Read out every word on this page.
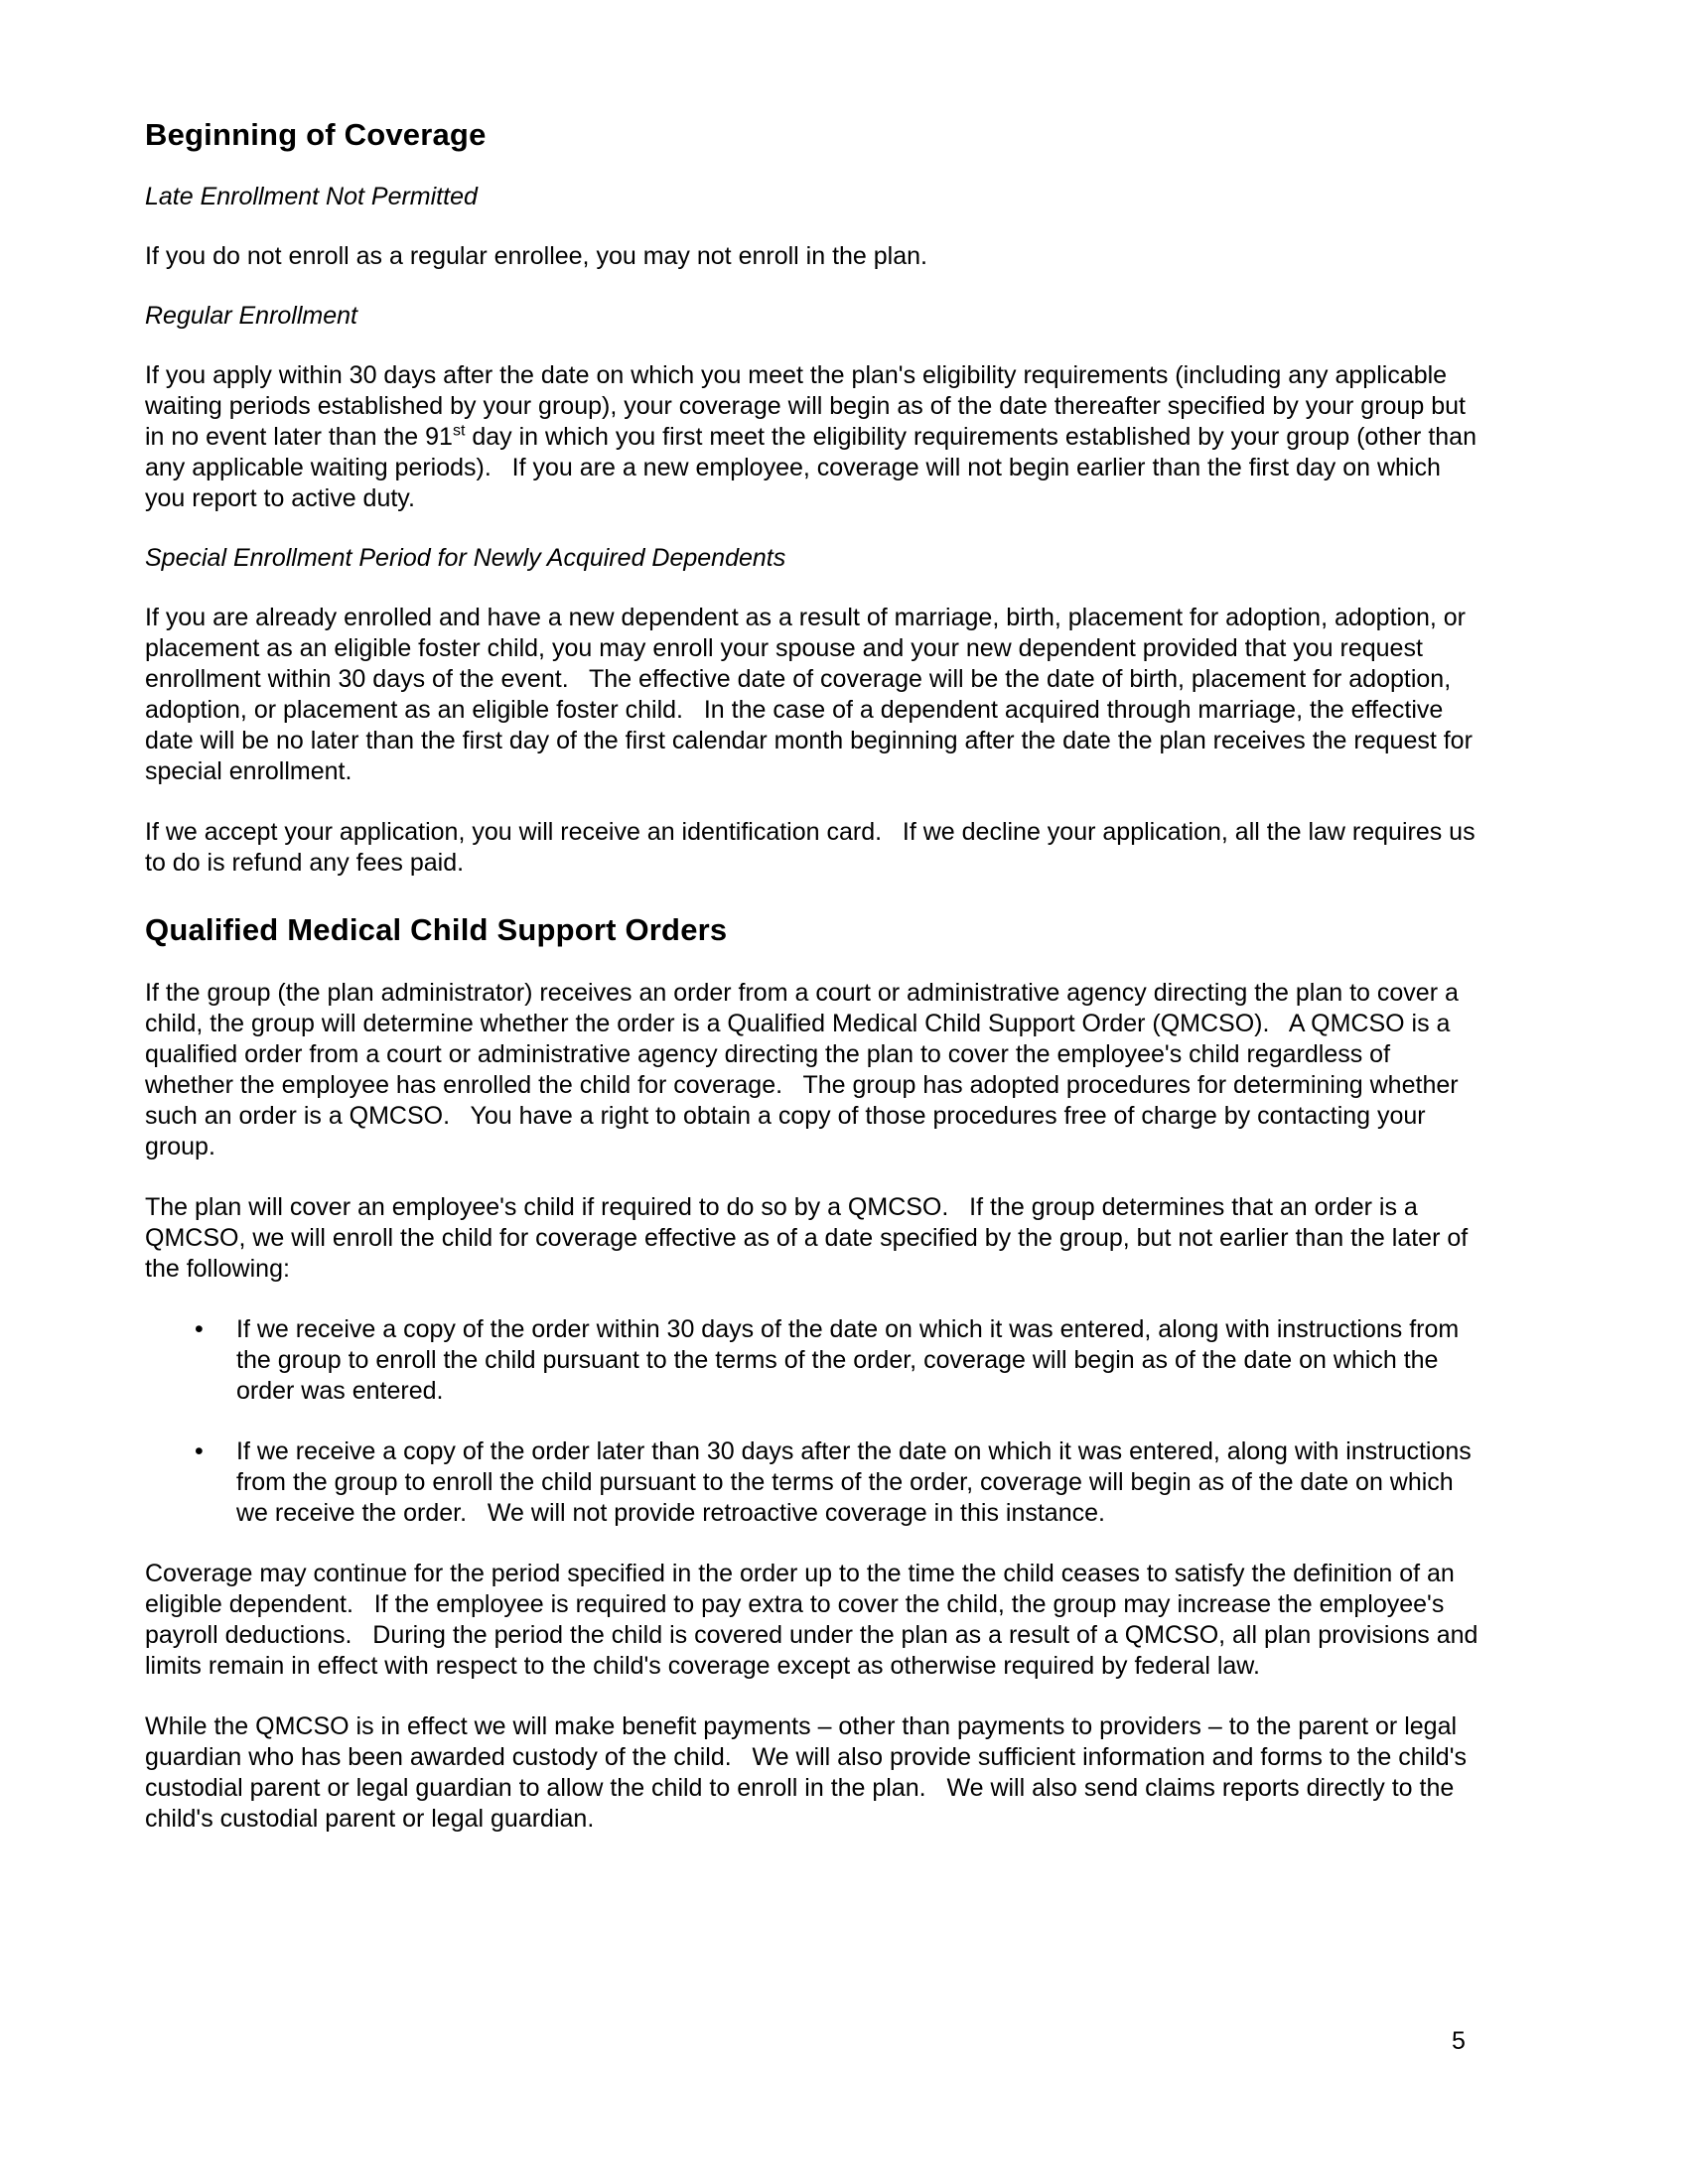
Beginning of Coverage
Late Enrollment Not Permitted

If you do not enroll as a regular enrollee, you may not enroll in the plan.

Regular Enrollment

If you apply within 30 days after the date on which you meet the plan's eligibility requirements (including any applicable waiting periods established by your group), your coverage will begin as of the date thereafter specified by your group but in no event later than the 91st day in which you first meet the eligibility requirements established by your group (other than any applicable waiting periods).   If you are a new employee, coverage will not begin earlier than the first day on which you report to active duty.

Special Enrollment Period for Newly Acquired Dependents

If you are already enrolled and have a new dependent as a result of marriage, birth, placement for adoption, adoption, or placement as an eligible foster child, you may enroll your spouse and your new dependent provided that you request enrollment within 30 days of the event.   The effective date of coverage will be the date of birth, placement for adoption, adoption, or placement as an eligible foster child.   In the case of a dependent acquired through marriage, the effective date will be no later than the first day of the first calendar month beginning after the date the plan receives the request for special enrollment.

If we accept your application, you will receive an identification card.   If we decline your application, all the law requires us to do is refund any fees paid.

Qualified Medical Child Support Orders

If the group (the plan administrator) receives an order from a court or administrative agency directing the plan to cover a child, the group will determine whether the order is a Qualified Medical Child Support Order (QMCSO).   A QMCSO is a qualified order from a court or administrative agency directing the plan to cover the employee's child regardless of whether the employee has enrolled the child for coverage.   The group has adopted procedures for determining whether such an order is a QMCSO.   You have a right to obtain a copy of those procedures free of charge by contacting your group.

The plan will cover an employee's child if required to do so by a QMCSO.   If the group determines that an order is a QMCSO, we will enroll the child for coverage effective as of a date specified by the group, but not earlier than the later of the following:

• If we receive a copy of the order within 30 days of the date on which it was entered, along with instructions from the group to enroll the child pursuant to the terms of the order, coverage will begin as of the date on which the order was entered.
• If we receive a copy of the order later than 30 days after the date on which it was entered, along with instructions from the group to enroll the child pursuant to the terms of the order, coverage will begin as of the date on which we receive the order.   We will not provide retroactive coverage in this instance.

Coverage may continue for the period specified in the order up to the time the child ceases to satisfy the definition of an eligible dependent.   If the employee is required to pay extra to cover the child, the group may increase the employee's payroll deductions.   During the period the child is covered under the plan as a result of a QMCSO, all plan provisions and limits remain in effect with respect to the child's coverage except as otherwise required by federal law.

While the QMCSO is in effect we will make benefit payments – other than payments to providers – to the parent or legal guardian who has been awarded custody of the child.   We will also provide sufficient information and forms to the child's custodial parent or legal guardian to allow the child to enroll in the plan.   We will also send claims reports directly to the child's custodial parent or legal guardian.

5
